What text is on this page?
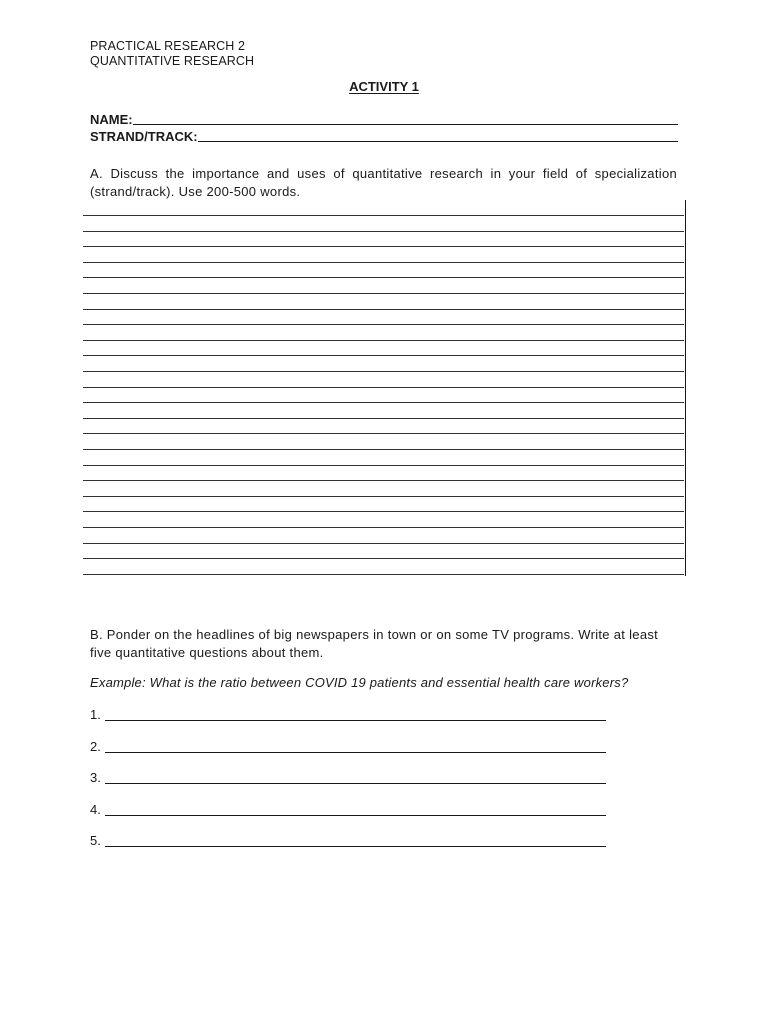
PRACTICAL RESEARCH 2
QUANTITATIVE RESEARCH
ACTIVITY 1
NAME:
STRAND/TRACK:
A. Discuss the importance and uses of quantitative research in your field of specialization (strand/track). Use 200-500 words.
B. Ponder on the headlines of big newspapers in town or on some TV programs. Write at least five quantitative questions about them.
Example: What is the ratio between COVID 19 patients and essential health care workers?
1.
2.
3.
4.
5.
